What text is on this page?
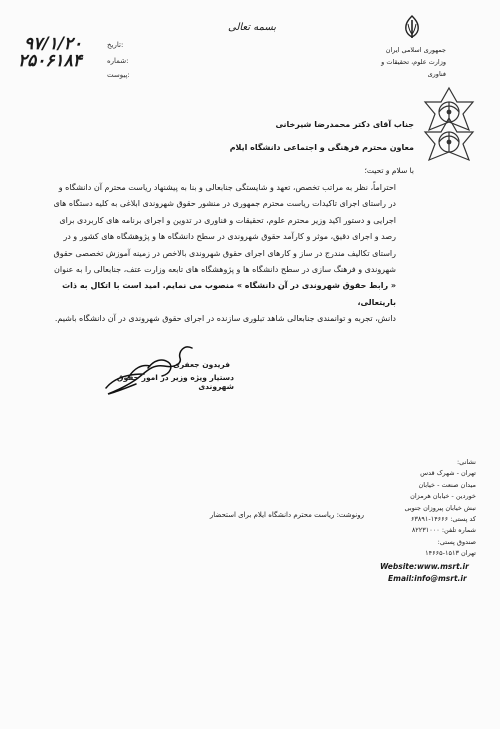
جمهوری اسلامی ایران
وزارت علوم، تحقیقات و فناوری
بسمه تعالی
تاریخ:
۹۷/۱/۲۰
شماره:
۲۵۰۶۱۸۴
پیوست:
جناب آقای دکتر محمدرضا شیرخانی
معاون محترم فرهنگی و اجتماعی دانشگاه ایلام
با سلام و تحیت؛
احتراماً، نظر به مراتب تخصص، تعهد و شایستگی جنابعالی و بنا به پیشنهاد ریاست محترم آن دانشگاه و
در راستای اجرای تاکیدات ریاست محترم جمهوری در منشور حقوق شهروندی ابلاغی به کلیه دستگاه های
اجرایی و دستور اکید وزیر محترم علوم، تحقیقات و فناوری در تدوین و اجرای برنامه های کاربردی برای
رصد و اجرای دقیق، موثر و کارآمد حقوق شهروندی در سطح دانشگاه ها و پژوهشگاه های کشور و در
راستای تکالیف مندرج در ساز و کارهای اجرای حقوق شهروندی بالاخص در زمینه آموزش تخصصی حقوق
شهروندی و فرهنگ سازی در سطح دانشگاه ها و پژوهشگاه های تابعه وزارت عتف، جنابعالی را به عنوان
« رابط حقوق شهروندی در آن دانشگاه » منصوب می نمایم. امید است با اتکال به ذات باریتعالی،
دانش، تجربه و توانمندی جنابعالی شاهد تبلوری سازنده در اجرای حقوق شهروندی در آن دانشگاه باشیم.
فریدون جعفری
دستیار ویژه وزیر در امور حقوق شهروندی
رونوشت: ریاست محترم دانشگاه ایلام برای استحضار
نشانی:
تهران - شهرک قدس
میدان صنعت - خیابان
خوردین - خیابان هرمزان
نبش خیابان پیروزان جنوبی
کد پستی: ۱۴۶۶۶-۶۳۸۹۱
شماره تلفن: ۸۲۲۳۱۰۰۰
صندوق پستی:
تهران ۱۵۱۳-۱۴۶۶۵
Website:www.msrt.ir
Email:info@msrt.ir
